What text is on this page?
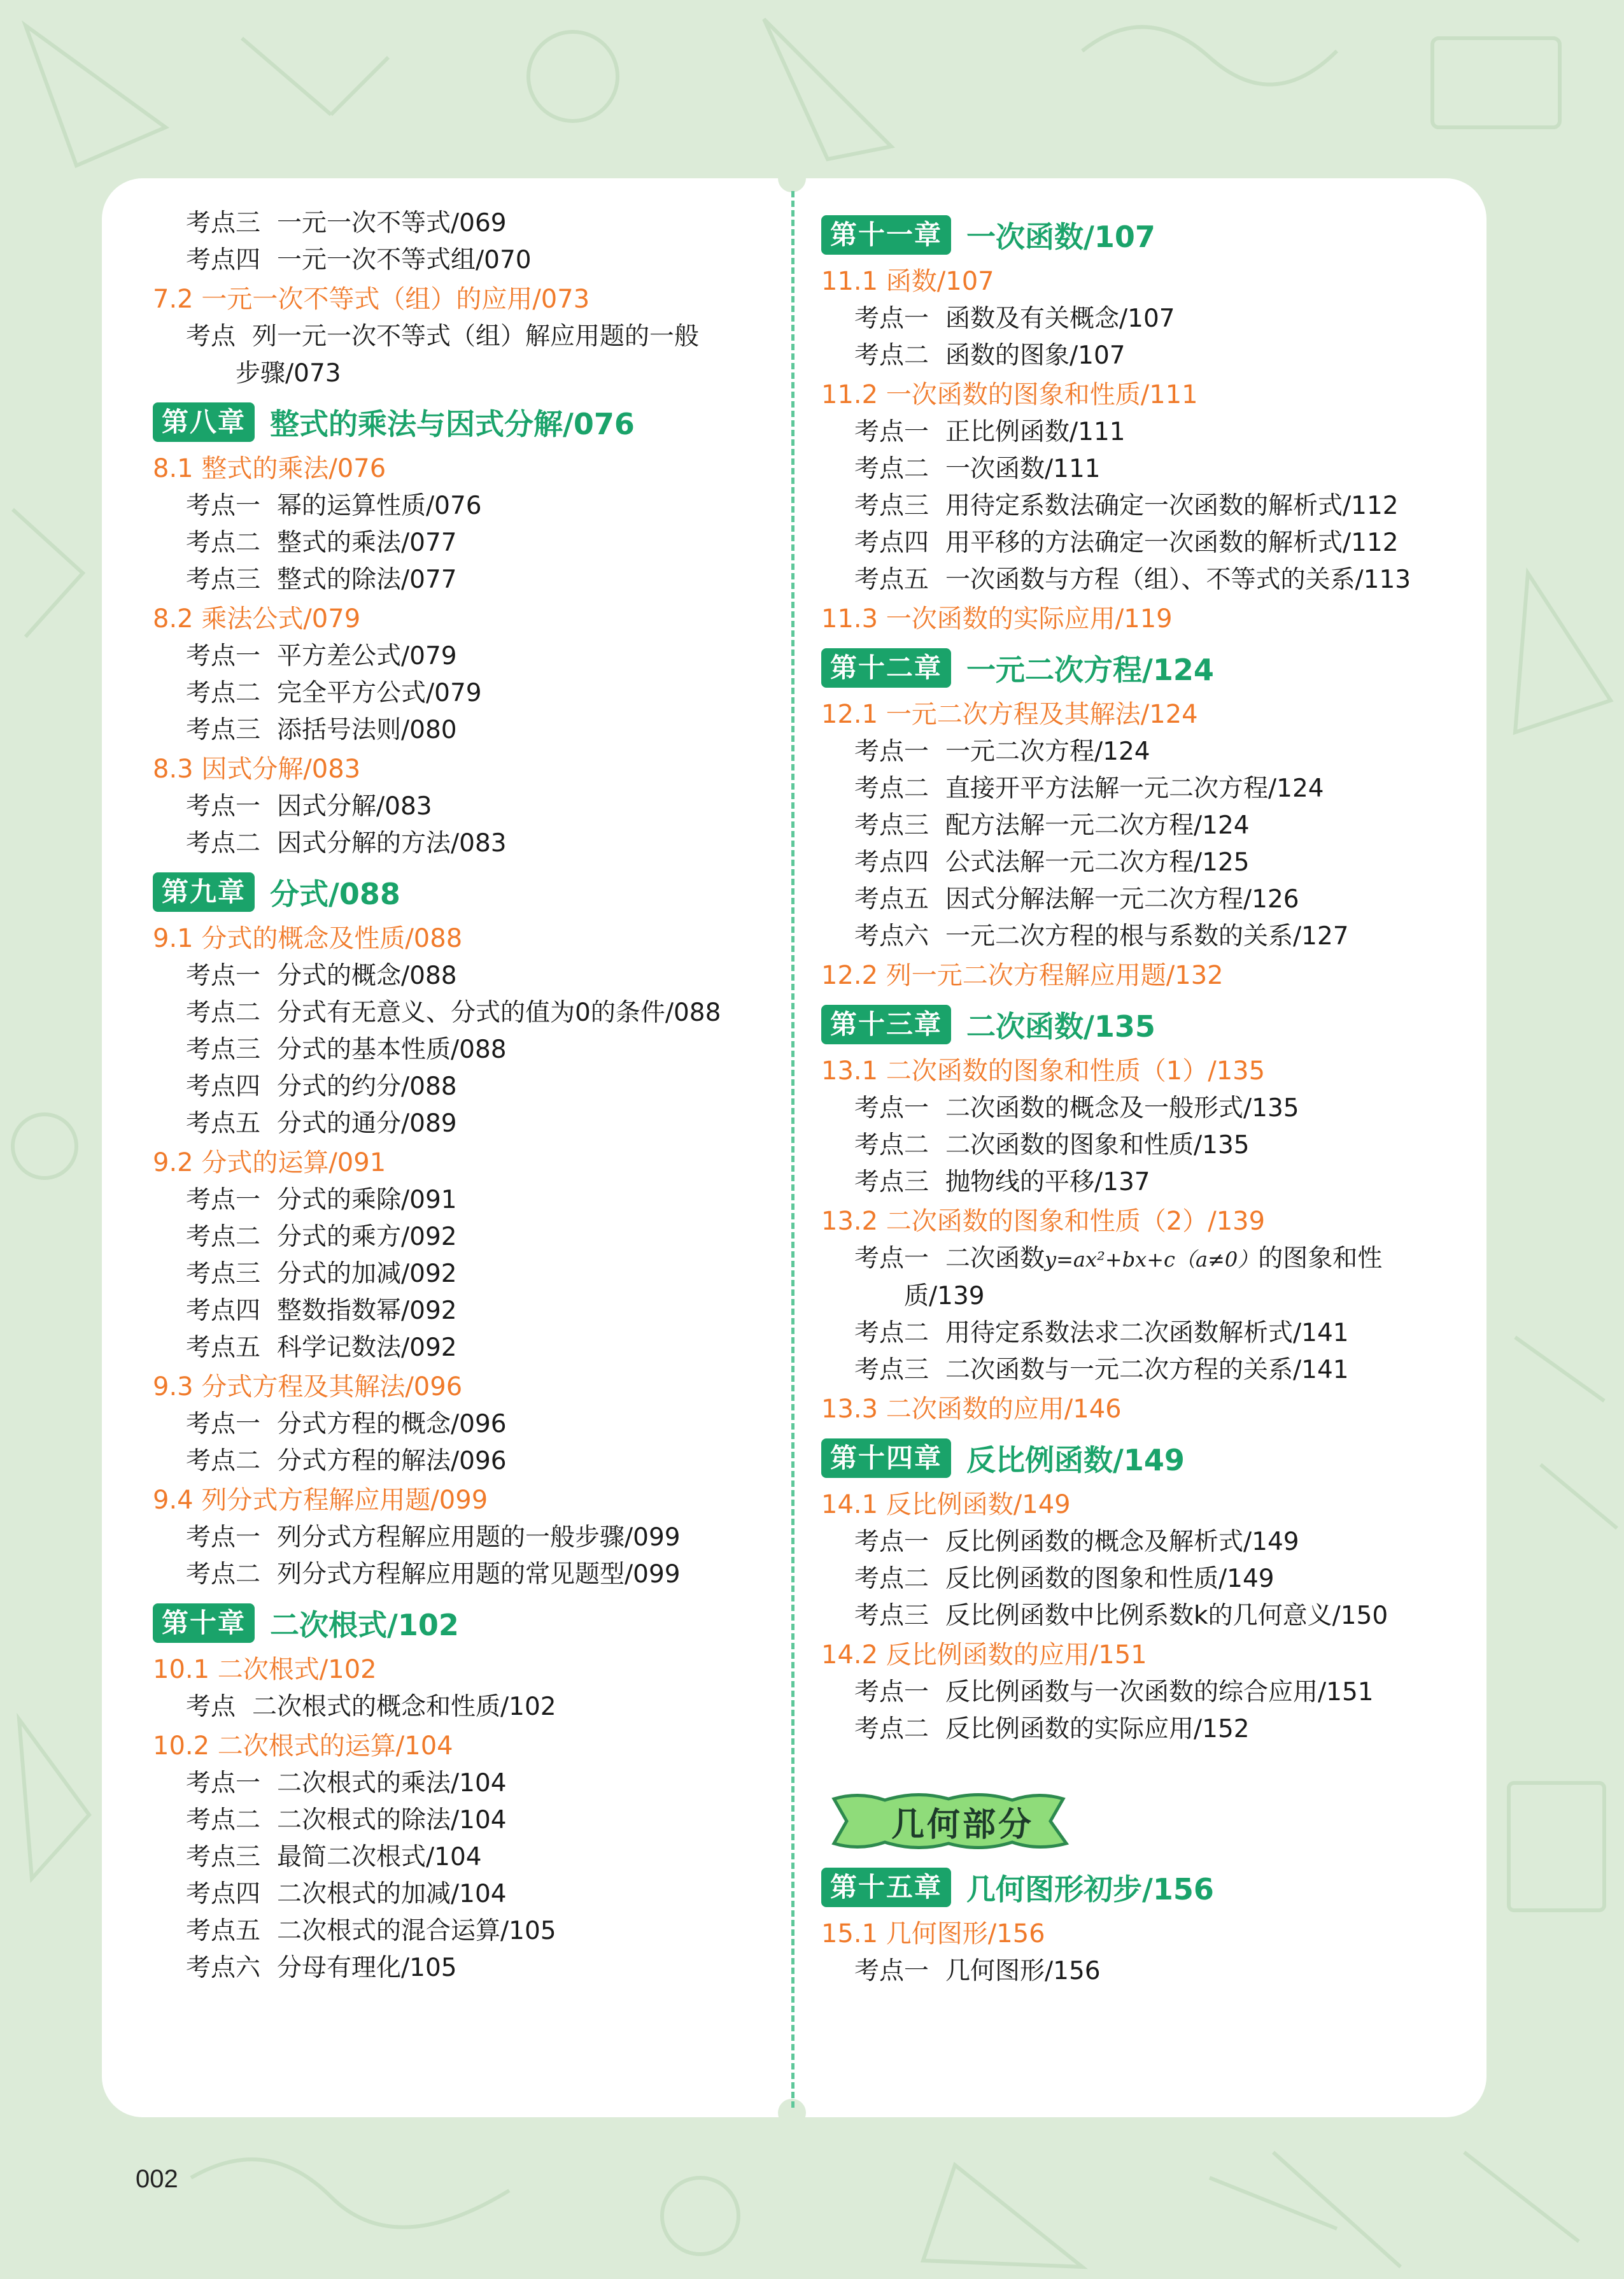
考点三 一元一次不等式/069
考点四 一元一次不等式组/070
7.2 一元一次不等式（组）的应用/073
考点 列一元一次不等式（组）解应用题的一般
步骤/073
第八章 整式的乘法与因式分解/076
8.1 整式的乘法/076
考点一 幂的运算性质/076
考点二 整式的乘法/077
考点三 整式的除法/077
8.2 乘法公式/079
考点一 平方差公式/079
考点二 完全平方公式/079
考点三 添括号法则/080
8.3 因式分解/083
考点一 因式分解/083
考点二 因式分解的方法/083
第九章 分式/088
9.1 分式的概念及性质/088
考点一 分式的概念/088
考点二 分式有无意义、分式的值为0的条件/088
考点三 分式的基本性质/088
考点四 分式的约分/088
考点五 分式的通分/089
9.2 分式的运算/091
考点一 分式的乘除/091
考点二 分式的乘方/092
考点三 分式的加减/092
考点四 整数指数幂/092
考点五 科学记数法/092
9.3 分式方程及其解法/096
考点一 分式方程的概念/096
考点二 分式方程的解法/096
9.4 列分式方程解应用题/099
考点一 列分式方程解应用题的一般步骤/099
考点二 列分式方程解应用题的常见题型/099
第十章 二次根式/102
10.1 二次根式/102
考点 二次根式的概念和性质/102
10.2 二次根式的运算/104
考点一 二次根式的乘法/104
考点二 二次根式的除法/104
考点三 最简二次根式/104
考点四 二次根式的加减/104
考点五 二次根式的混合运算/105
考点六 分母有理化/105
第十一章 一次函数/107
11.1 函数/107
考点一 函数及有关概念/107
考点二 函数的图象/107
11.2 一次函数的图象和性质/111
考点一 正比例函数/111
考点二 一次函数/111
考点三 用待定系数法确定一次函数的解析式/112
考点四 用平移的方法确定一次函数的解析式/112
考点五 一次函数与方程（组）、不等式的关系/113
11.3 一次函数的实际应用/119
第十二章 一元二次方程/124
12.1 一元二次方程及其解法/124
考点一 一元二次方程/124
考点二 直接开平方法解一元二次方程/124
考点三 配方法解一元二次方程/124
考点四 公式法解一元二次方程/125
考点五 因式分解法解一元二次方程/126
考点六 一元二次方程的根与系数的关系/127
12.2 列一元二次方程解应用题/132
第十三章 二次函数/135
13.1 二次函数的图象和性质（1）/135
考点一 二次函数的概念及一般形式/135
考点二 二次函数的图象和性质/135
考点三 抛物线的平移/137
13.2 二次函数的图象和性质（2）/139
考点一 二次函数y=ax²+bx+c（a≠0）的图象和性
质/139
考点二 用待定系数法求二次函数解析式/141
考点三 二次函数与一元二次方程的关系/141
13.3 二次函数的应用/146
第十四章 反比例函数/149
14.1 反比例函数/149
考点一 反比例函数的概念及解析式/149
考点二 反比例函数的图象和性质/149
考点三 反比例函数中比例系数k的几何意义/150
14.2 反比例函数的应用/151
考点一 反比例函数与一次函数的综合应用/151
考点二 反比例函数的实际应用/152
几何部分
第十五章 几何图形初步/156
15.1 几何图形/156
考点一 几何图形/156
002
